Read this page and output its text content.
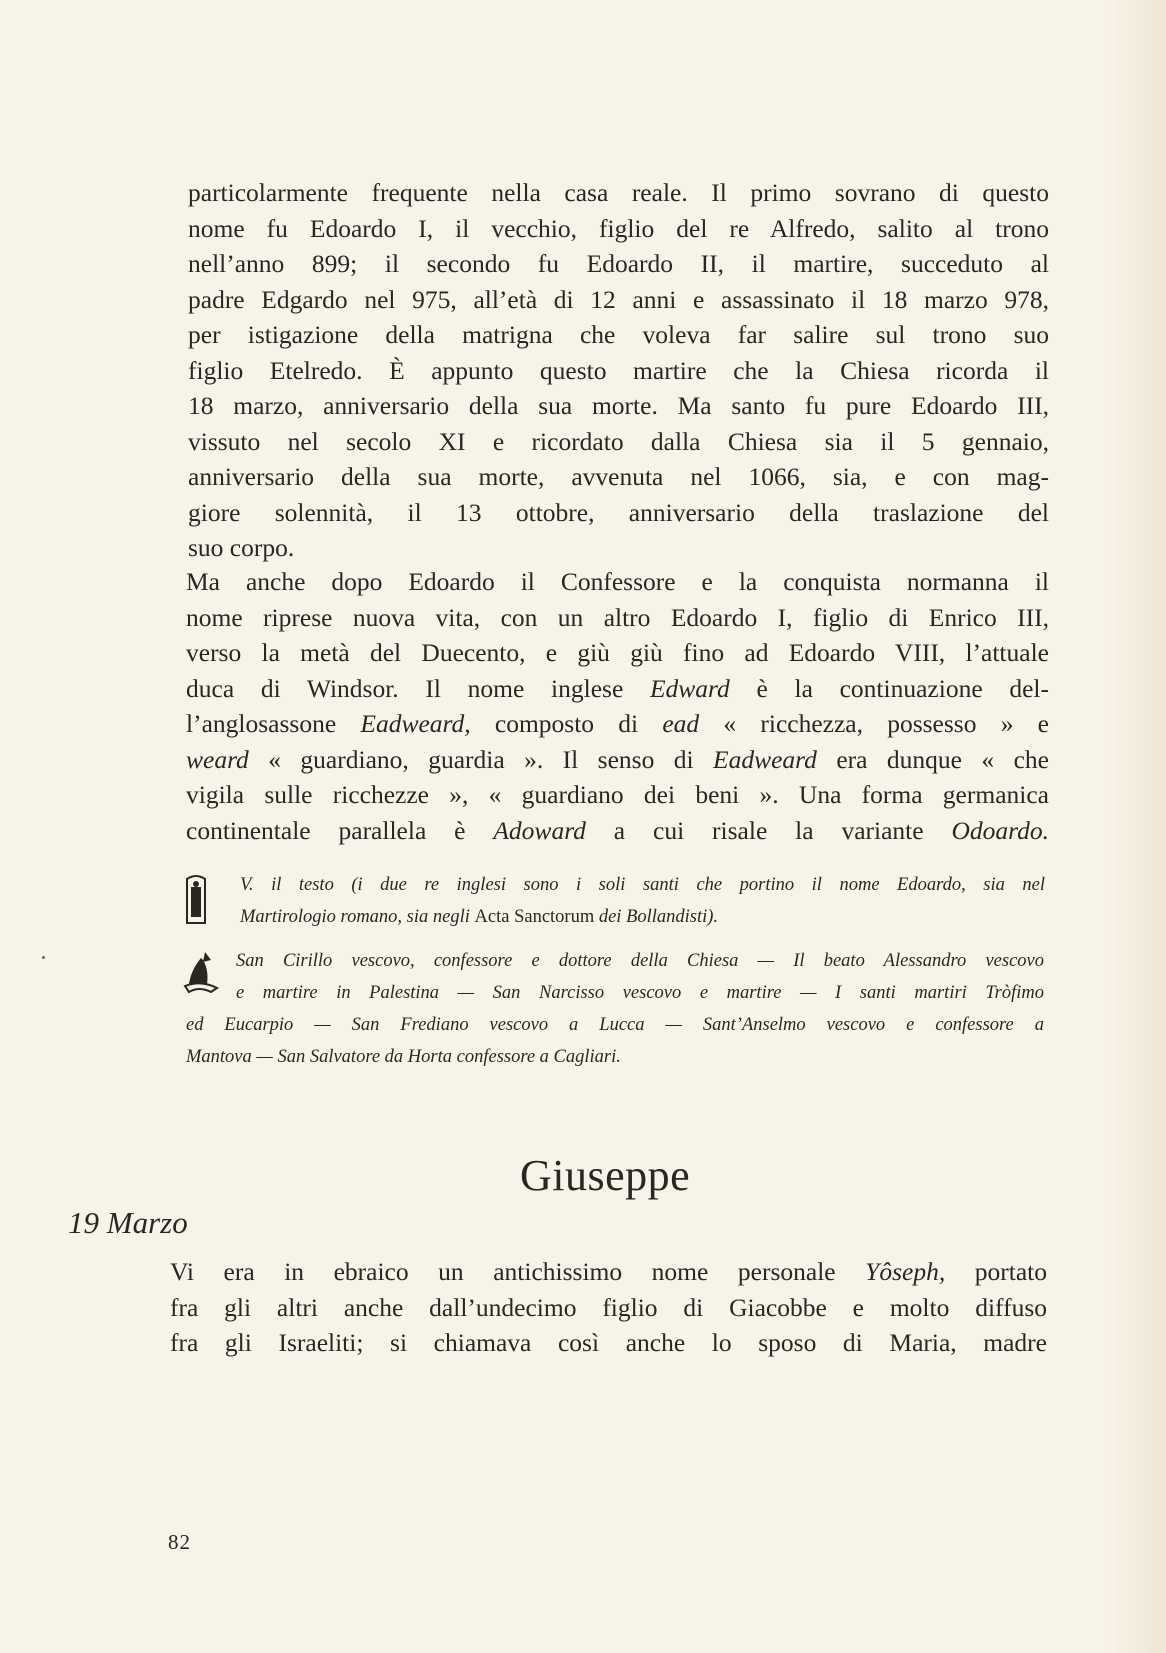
particolarmente frequente nella casa reale. Il primo sovrano di questo
nome fu Edoardo I, il vecchio, figlio del re Alfredo, salito al trono
nell’anno 899; il secondo fu Edoardo II, il martire, succeduto al
padre Edgardo nel 975, all’età di 12 anni e assassinato il 18 marzo 978,
per istigazione della matrigna che voleva far salire sul trono suo
figlio Etelredo. È appunto questo martire che la Chiesa ricorda il
18 marzo, anniversario della sua morte. Ma santo fu pure Edoardo III,
vissuto nel secolo XI e ricordato dalla Chiesa sia il 5 gennaio,
anniversario della sua morte, avvenuta nel 1066, sia, e con mag-
giore solennità, il 13 ottobre, anniversario della traslazione del
suo corpo.
Ma anche dopo Edoardo il Confessore e la conquista normanna il
nome riprese nuova vita, con un altro Edoardo I, figlio di Enrico III,
verso la metà del Duecento, e giù giù fino ad Edoardo VIII, l’attuale
duca di Windsor. Il nome inglese Edward è la continuazione del-
l’anglosassone Eadweard, composto di ead « ricchezza, possesso » e
weard « guardiano, guardia ». Il senso di Eadweard era dunque « che
vigila sulle ricchezze », « guardiano dei beni ». Una forma germanica
continentale parallela è Adoward a cui risale la variante Odoardo.
V. il testo (i due re inglesi sono i soli santi che portino il nome Edoardo, sia nel
Martirologio romano, sia negli Acta Sanctorum dei Bollandisti).
San Cirillo vescovo, confessore e dottore della Chiesa — Il beato Alessandro vescovo
e martire in Palestina — San Narcisso vescovo e martire — I santi martiri Tròfimo
ed Eucarpio — San Frediano vescovo a Lucca — Sant’Anselmo vescovo e confessore a
Mantova — San Salvatore da Horta confessore a Cagliari.
Giuseppe
19 Marzo
Vi era in ebraico un antichissimo nome personale Yôseph, portato
fra gli altri anche dall’undecimo figlio di Giacobbe e molto diffuso
fra gli Israeliti; si chiamava così anche lo sposo di Maria, madre
82
